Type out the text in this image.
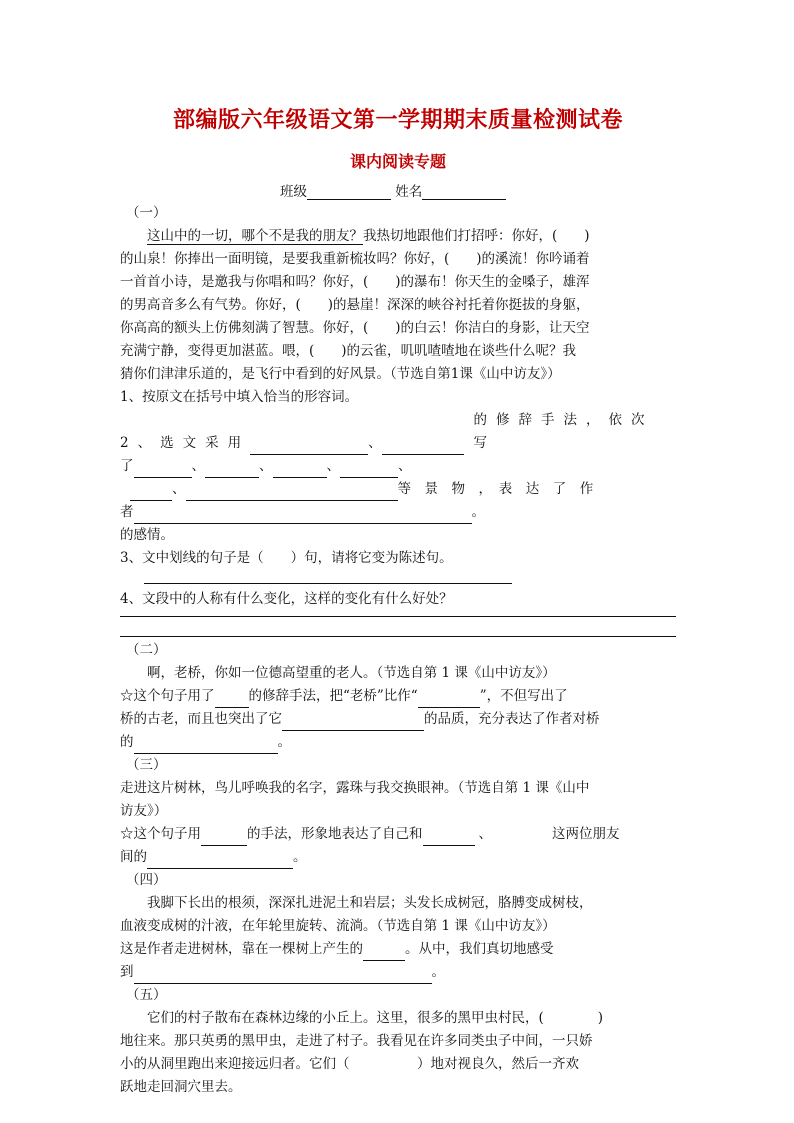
部编版六年级语文第一学期期末质量检测试卷
课内阅读专题
班级	姓名

（一）

这山中的一切，哪个不是我的朋友？我热切地跟他们打招呼：你好，(　　)

的山泉！你捧出一面明镜，是要我重新梳妆吗？你好，(　　)的溪流！你吟诵着

一首首小诗，是邀我与你唱和吗？你好，(　　)的瀑布！你天生的金嗓子，雄浑

的男高音多么有气势。你好，(　　)的悬崖！深深的峡谷衬托着你挺拔的身躯，

你高高的额头上仿佛刻满了智慧。你好，(　　)的白云！你洁白的身影，让天空

充满宁静，变得更加湛蓝。喂，(　　)的云雀，叽叽喳喳地在谈些什么呢？我

猜你们津津乐道的，是飞行中看到的好风景。（节选自第1课《山中访友》）

1、按原文在括号中填入恰当的形容词。

2、选文采用	、
的修辞手法，依次写

了	、	、	、	、

、	等　景　物　，　表　达　了　作

者	。

的感情。

3、文中划线的句子是（　　）句，请将它变为陈述句。

4、文段中的人称有什么变化，这样的变化有什么好处？

（二）

啊，老桥，你如一位德高望重的老人。（节选自第 1 课《山中访友》）

☆这个句子用了	的修辞手法，把“老桥”比作“	”，不但写出了

桥的古老，而且也突出了它	的品质，充分表达了作者对桥

的	。

（三）

走进这片树林，鸟儿呼唤我的名字，露珠与我交换眼神。（节选自第 1 课《山中

访友》）

☆这个句子用	的手法，形象地表达了自己和	、	这两位朋友

间的	。

（四）

我脚下长出的根须，深深扎进泥土和岩层；头发长成树冠，胳膊变成树枝，

血液变成树的汁液，在年轮里旋转、流淌。（节选自第 1 课《山中访友》）

这是作者走进树林，靠在一棵树上产生的	。从中，我们真切地感受

到	。

（五）

它们的村子散布在森林边缘的小丘上。这里，很多的黑甲虫村民，(　　　　)

地往来。那只英勇的黑甲虫，走进了村子。我看见在许多同类虫子中间，一只娇

小的从洞里跑出来迎接远归者。它们（　　　　　）地对视良久，然后一齐欢

跃地走回洞穴里去。
